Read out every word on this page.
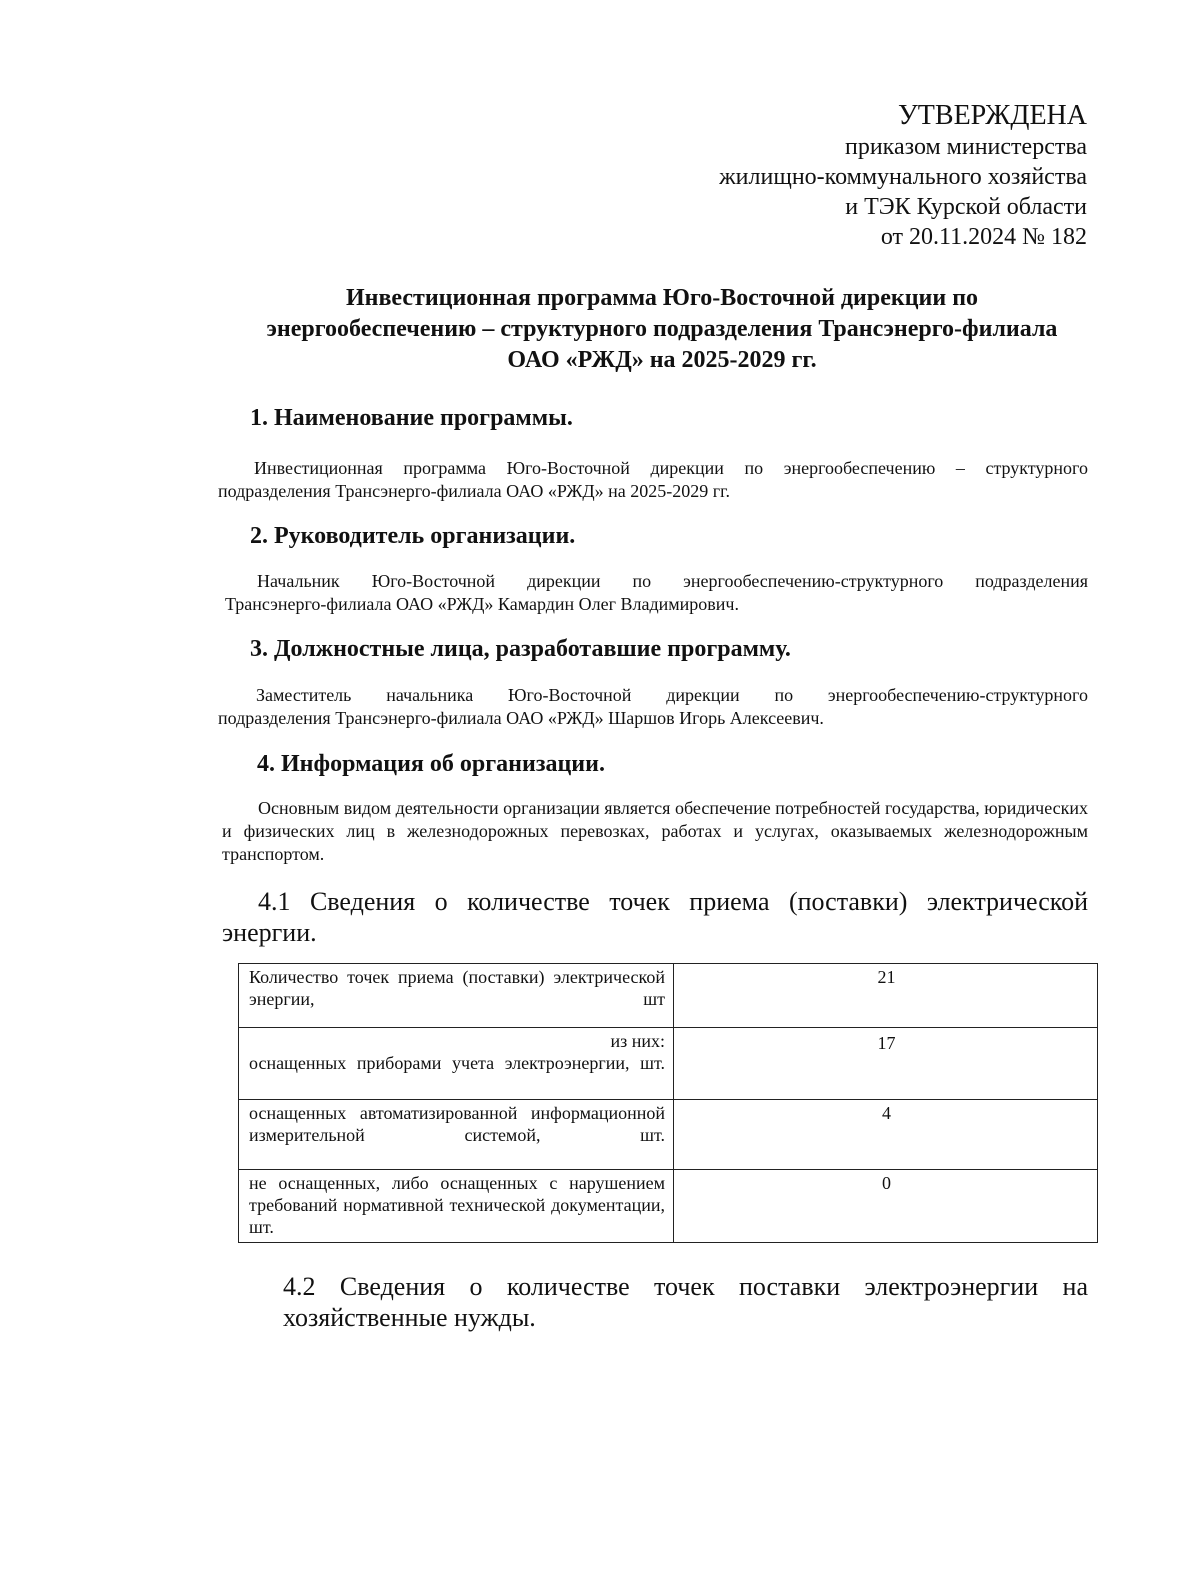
УТВЕРЖДЕНА
приказом министерства
жилищно-коммунального хозяйства
и ТЭК Курской области
от 20.11.2024 № 182
Инвестиционная программа Юго-Восточной дирекции по
энергообеспечению – структурного подразделения Трансэнерго-филиала
ОАО «РЖД» на 2025-2029 гг.
1. Наименование программы.
Инвестиционная программа Юго-Восточной дирекции по энергообеспечению – структурного
подразделения Трансэнерго-филиала ОАО «РЖД» на 2025-2029 гг.
2. Руководитель организации.
Начальник Юго-Восточной дирекции по энергообеспечению-структурного подразделения
Трансэнерго-филиала ОАО «РЖД» Камардин Олег Владимирович.
3. Должностные лица, разработавшие программу.
Заместитель начальника Юго-Восточной дирекции по энергообеспечению-структурного
подразделения Трансэнерго-филиала ОАО «РЖД» Шаршов Игорь Алексеевич.
4. Информация об организации.
Основным видом деятельности организации является обеспечение потребностей государства, юридических и физических лиц в железнодорожных перевозках, работах и услугах, оказываемых железнодорожным транспортом.
4.1 Сведения о количестве точек приема (поставки) электрической энергии.
Количество точек приема (поставки) электрической энергии, шт	21

из них:
оснащенных приборами учета электроэнергии, шт.	17

оснащенных автоматизированной информационной измерительной системой, шт.	4

не оснащенных, либо оснащенных с нарушением требований нормативной технической документации, шт.	0
4.2 Сведения о количестве точек поставки электроэнергии на хозяйственные нужды.
